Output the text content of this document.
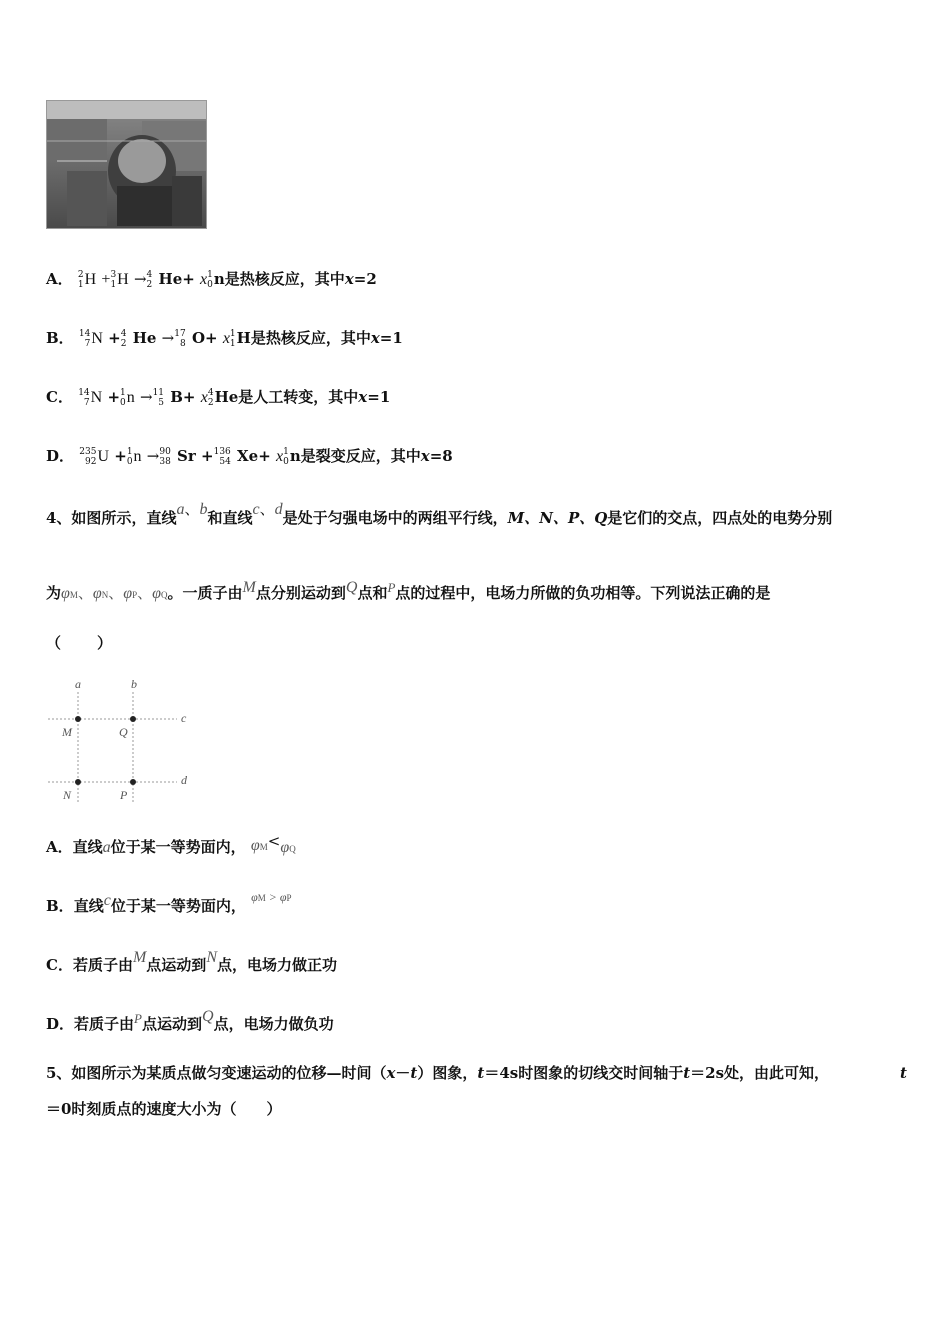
A． 2
1H +3
1H →4
2 He+ x1
0n是热核反应，其中x=2
B． 14
7N +4
2 He →17
8 O+ x1
1H是热核反应，其中x=1
C． 14
7N +1
0n →11
5 B+ x4
2He是人工转变，其中x=1
D． 235
92U +1
0n →90
38 Sr +136
54 Xe+ x1
0n是裂变反应，其中x=8
4、如图所示，直线a、b和直线c、d是处于匀强电场中的两组平行线，M、N、P、Q是它们的交点，四点处的电势分别
为φM、φN、φP、φQ。一质子由M点分别运动到Q点和P点的过程中，电场力所做的负功相等。下列说法正确的是
（　　）
a	b
c
d
M	Q
N	P
A．直线a位于某一等势面内， φM<φQ
B．直线c位于某一等势面内， $^{\varphi M > \varphi P}$
C．若质子由M点运动到N点，电场力做正功
D．若质子由P点运动到Q点，电场力做负功
5、如图所示为某质点做匀变速运动的位移—时间（x－t）图象，t＝4s时图象的切线交时间轴于t＝2s处，由此可知，	t
＝0时刻质点的速度大小为（　　）
